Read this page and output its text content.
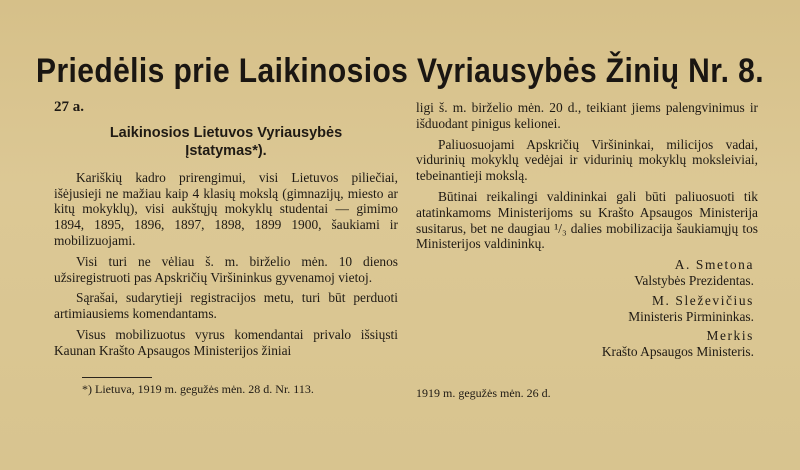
Priedėlis prie Laikinosios Vyriausybės Žinių Nr. 8.
27 a.
Laikinosios Lietuvos Vyriausybės
Įstatymas*).

Kariškių kadro prirengimui, visi Lietuvos piliečiai, išėjusieji ne mažiau kaip 4 klasių mokslą (gimnazijų, miesto ar kitų mokyklų), visi aukštųjų mokyklų studentai — gimimo 1894, 1895, 1896, 1897, 1898, 1899 1900, šaukiami ir mobilizuojami.

Visi turi ne vėliau š. m. birželio mėn. 10 dienos užsiregistruoti pas Apskričių Viršininkus gyvenamoj vietoj.

Sąrašai, sudarytieji registracijos metu, turi būt perduoti artimiausiems komendantams.

Visus mobilizuotus vyrus komendantai privalo išsiųsti Kaunan Krašto Apsaugos Ministerijos žiniai

*) Lietuva, 1919 m. gegužės mėn. 28 d. Nr. 113.

ligi š. m. birželio mėn. 20 d., teikiant jiems palengvinimus ir išduodant pinigus kelionei.

Paliuosuojami Apskričių Viršininkai, milicijos vadai, vidurinių mokyklų vedėjai ir vidurinių mokyklų moksleiviai, tebeinantieji mokslą.

Būtinai reikalingi valdininkai gali būti paliuosuoti tik atatinkamoms Ministerijoms su Krašto Apsaugos Ministerija susitarus, bet ne daugiau ¹/₃ dalies mobilizacija šaukiamųjų tos Ministerijos valdininkų.

A. Smetona
Valstybės Prezidentas.
M. Sleževičius
Ministeris Pirmininkas.
Merkis
Krašto Apsaugos Ministeris.
1919 m. gegužės mėn. 26 d.
